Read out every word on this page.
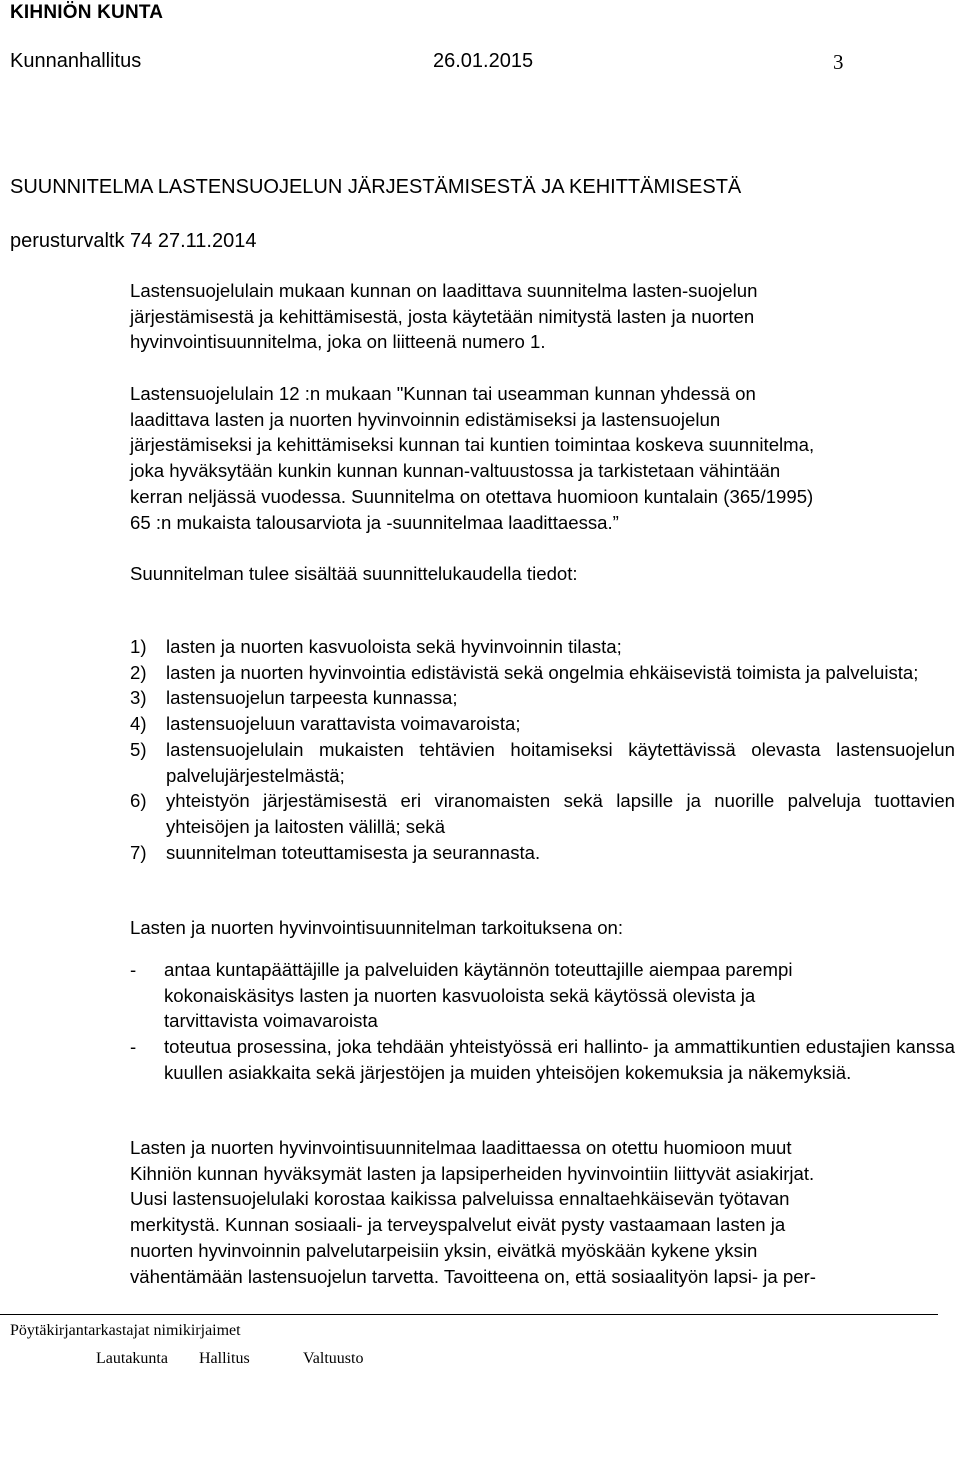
KIHNIÖN KUNTA
Kunnanhallitus	26.01.2015	3
SUUNNITELMA LASTENSUOJELUN JÄRJESTÄMISESTÄ JA KEHITTÄMISESTÄ
perusturvaltk 74 27.11.2014

Lastensuojelulain mukaan kunnan on laadittava suunnitelma lasten-suojelun

järjestämisestä ja kehittämisestä, josta käytetään nimitystä lasten ja nuorten

hyvinvointisuunnitelma, joka on liitteenä numero 1.

Lastensuojelulain 12 :n mukaan "Kunnan tai useamman kunnan yhdessä on

laadittava lasten ja nuorten hyvinvoinnin edistämiseksi ja lastensuojelun

järjestämiseksi ja kehittämiseksi kunnan tai kuntien toimintaa koskeva suunnitelma,

joka hyväksytään kunkin kunnan kunnan-valtuustossa ja tarkistetaan vähintään

kerran neljässä vuodessa. Suunnitelma on otettava huomioon kuntalain (365/1995)

65 :n mukaista talousarviota ja -suunnitelmaa laadittaessa.”

Suunnitelman tulee sisältää suunnittelukaudella tiedot:

1)	lasten ja nuorten kasvuoloista sekä hyvinvoinnin tilasta;
2)	lasten ja nuorten hyvinvointia edistävistä sekä ongelmia ehkäisevistä toimista ja palveluista;
3)	lastensuojelun tarpeesta kunnassa;
4)	lastensuojeluun varattavista voimavaroista;
5)	lastensuojelulain mukaisten tehtävien hoitamiseksi käytettävissä olevasta lastensuojelun palvelujärjestelmästä;
6)	yhteistyön järjestämisestä eri viranomaisten sekä lapsille ja nuorille palveluja tuottavien yhteisöjen ja laitosten välillä; sekä
7)	suunnitelman toteuttamisesta ja seurannasta.

Lasten ja nuorten hyvinvointisuunnitelman tarkoituksena on:

-	antaa kuntapäättäjille ja palveluiden käytännön toteuttajille aiempaa parempi
kokonaiskäsitys lasten ja nuorten kasvuoloista sekä käytössä olevista ja
tarvittavista voimavaroista
-	toteutua prosessina, joka tehdään yhteistyössä eri hallinto- ja ammattikuntien edustajien kanssa kuullen asiakkaita sekä järjestöjen ja muiden yhteisöjen kokemuksia ja näkemyksiä.

Lasten ja nuorten hyvinvointisuunnitelmaa laadittaessa on otettu huomioon muut

Kihniön kunnan hyväksymät lasten ja lapsiperheiden hyvinvointiin liittyvät asiakirjat.

Uusi lastensuojelulaki korostaa kaikissa palveluissa ennaltaehkäisevän työtavan

merkitystä. Kunnan sosiaali- ja terveyspalvelut eivät pysty vastaamaan lasten ja

nuorten hyvinvoinnin palvelutarpeisiin yksin, eivätkä myöskään kykene yksin

vähentämään lastensuojelun tarvetta. Tavoitteena on, että sosiaalityön lapsi- ja per-

Pöytäkirjantarkastajat nimikirjaimet
Lautakunta Hallitus	Valtuusto
